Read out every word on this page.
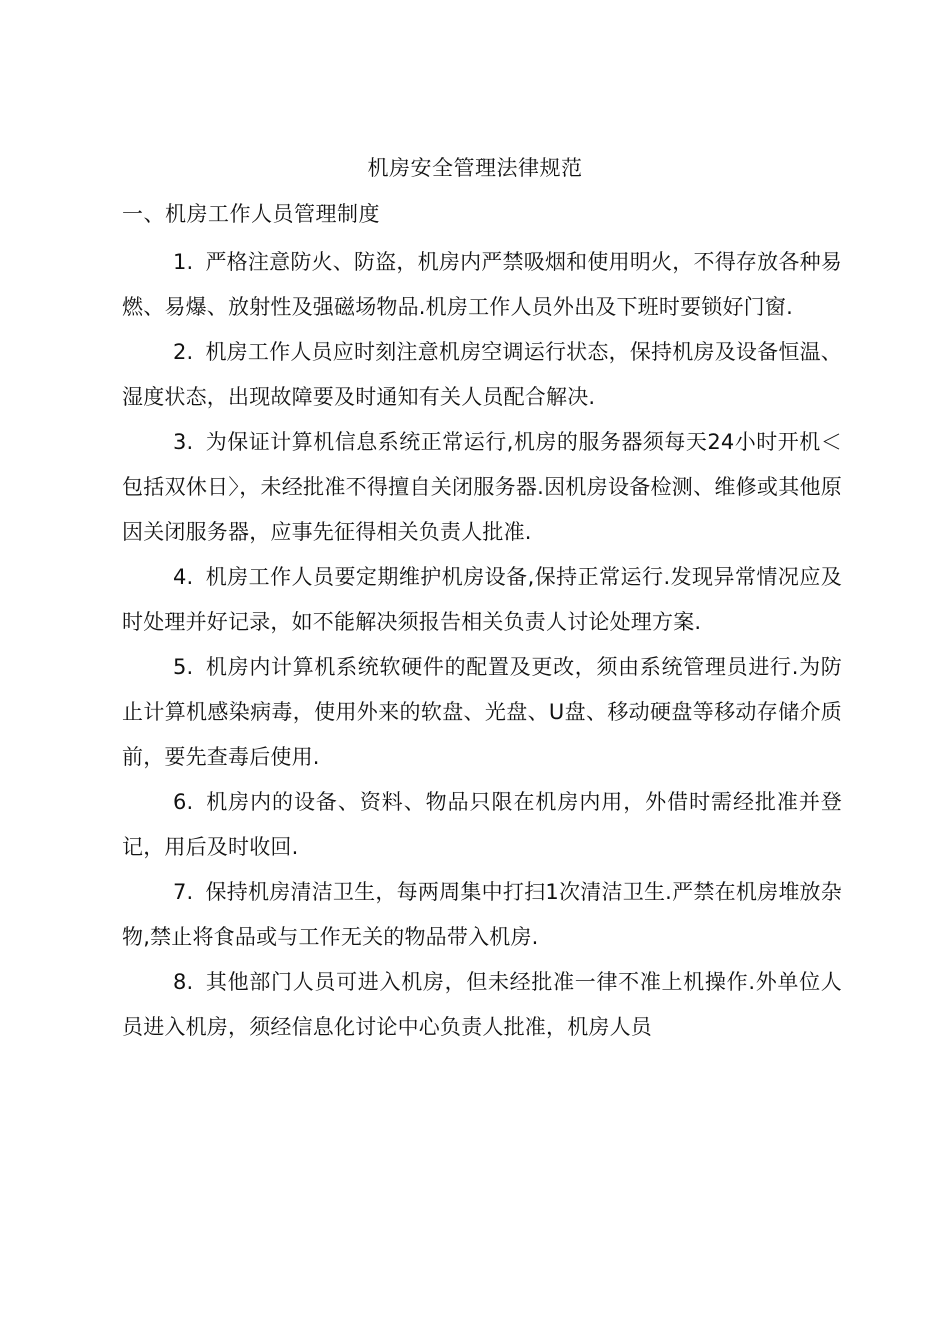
机房安全管理法律规范
一、机房工作人员管理制度

1. 严格注意防火、防盗，机房内严禁吸烟和使用明火，不得存放各种易燃、易爆、放射性及强磁场物品.机房工作人员外出及下班时要锁好门窗.

2. 机房工作人员应时刻注意机房空调运行状态，保持机房及设备恒温、湿度状态，出现故障要及时通知有关人员配合解决.

3. 为保证计算机信息系统正常运行,机房的服务器须每天24小时开机＜包括双休日〉，未经批准不得擅自关闭服务器.因机房设备检测、维修或其他原因关闭服务器，应事先征得相关负责人批准.

4. 机房工作人员要定期维护机房设备,保持正常运行.发现异常情况应及时处理并好记录，如不能解决须报告相关负责人讨论处理方案.

5. 机房内计算机系统软硬件的配置及更改，须由系统管理员进行.为防止计算机感染病毒，使用外来的软盘、光盘、U盘、移动硬盘等移动存储介质前，要先查毒后使用.

6. 机房内的设备、资料、物品只限在机房内用，外借时需经批准并登记，用后及时收回.

7. 保持机房清洁卫生，每两周集中打扫1次清洁卫生.严禁在机房堆放杂物,禁止将食品或与工作无关的物品带入机房.

8. 其他部门人员可进入机房，但未经批准一律不准上机操作.外单位人员进入机房，须经信息化讨论中心负责人批准，机房人员
